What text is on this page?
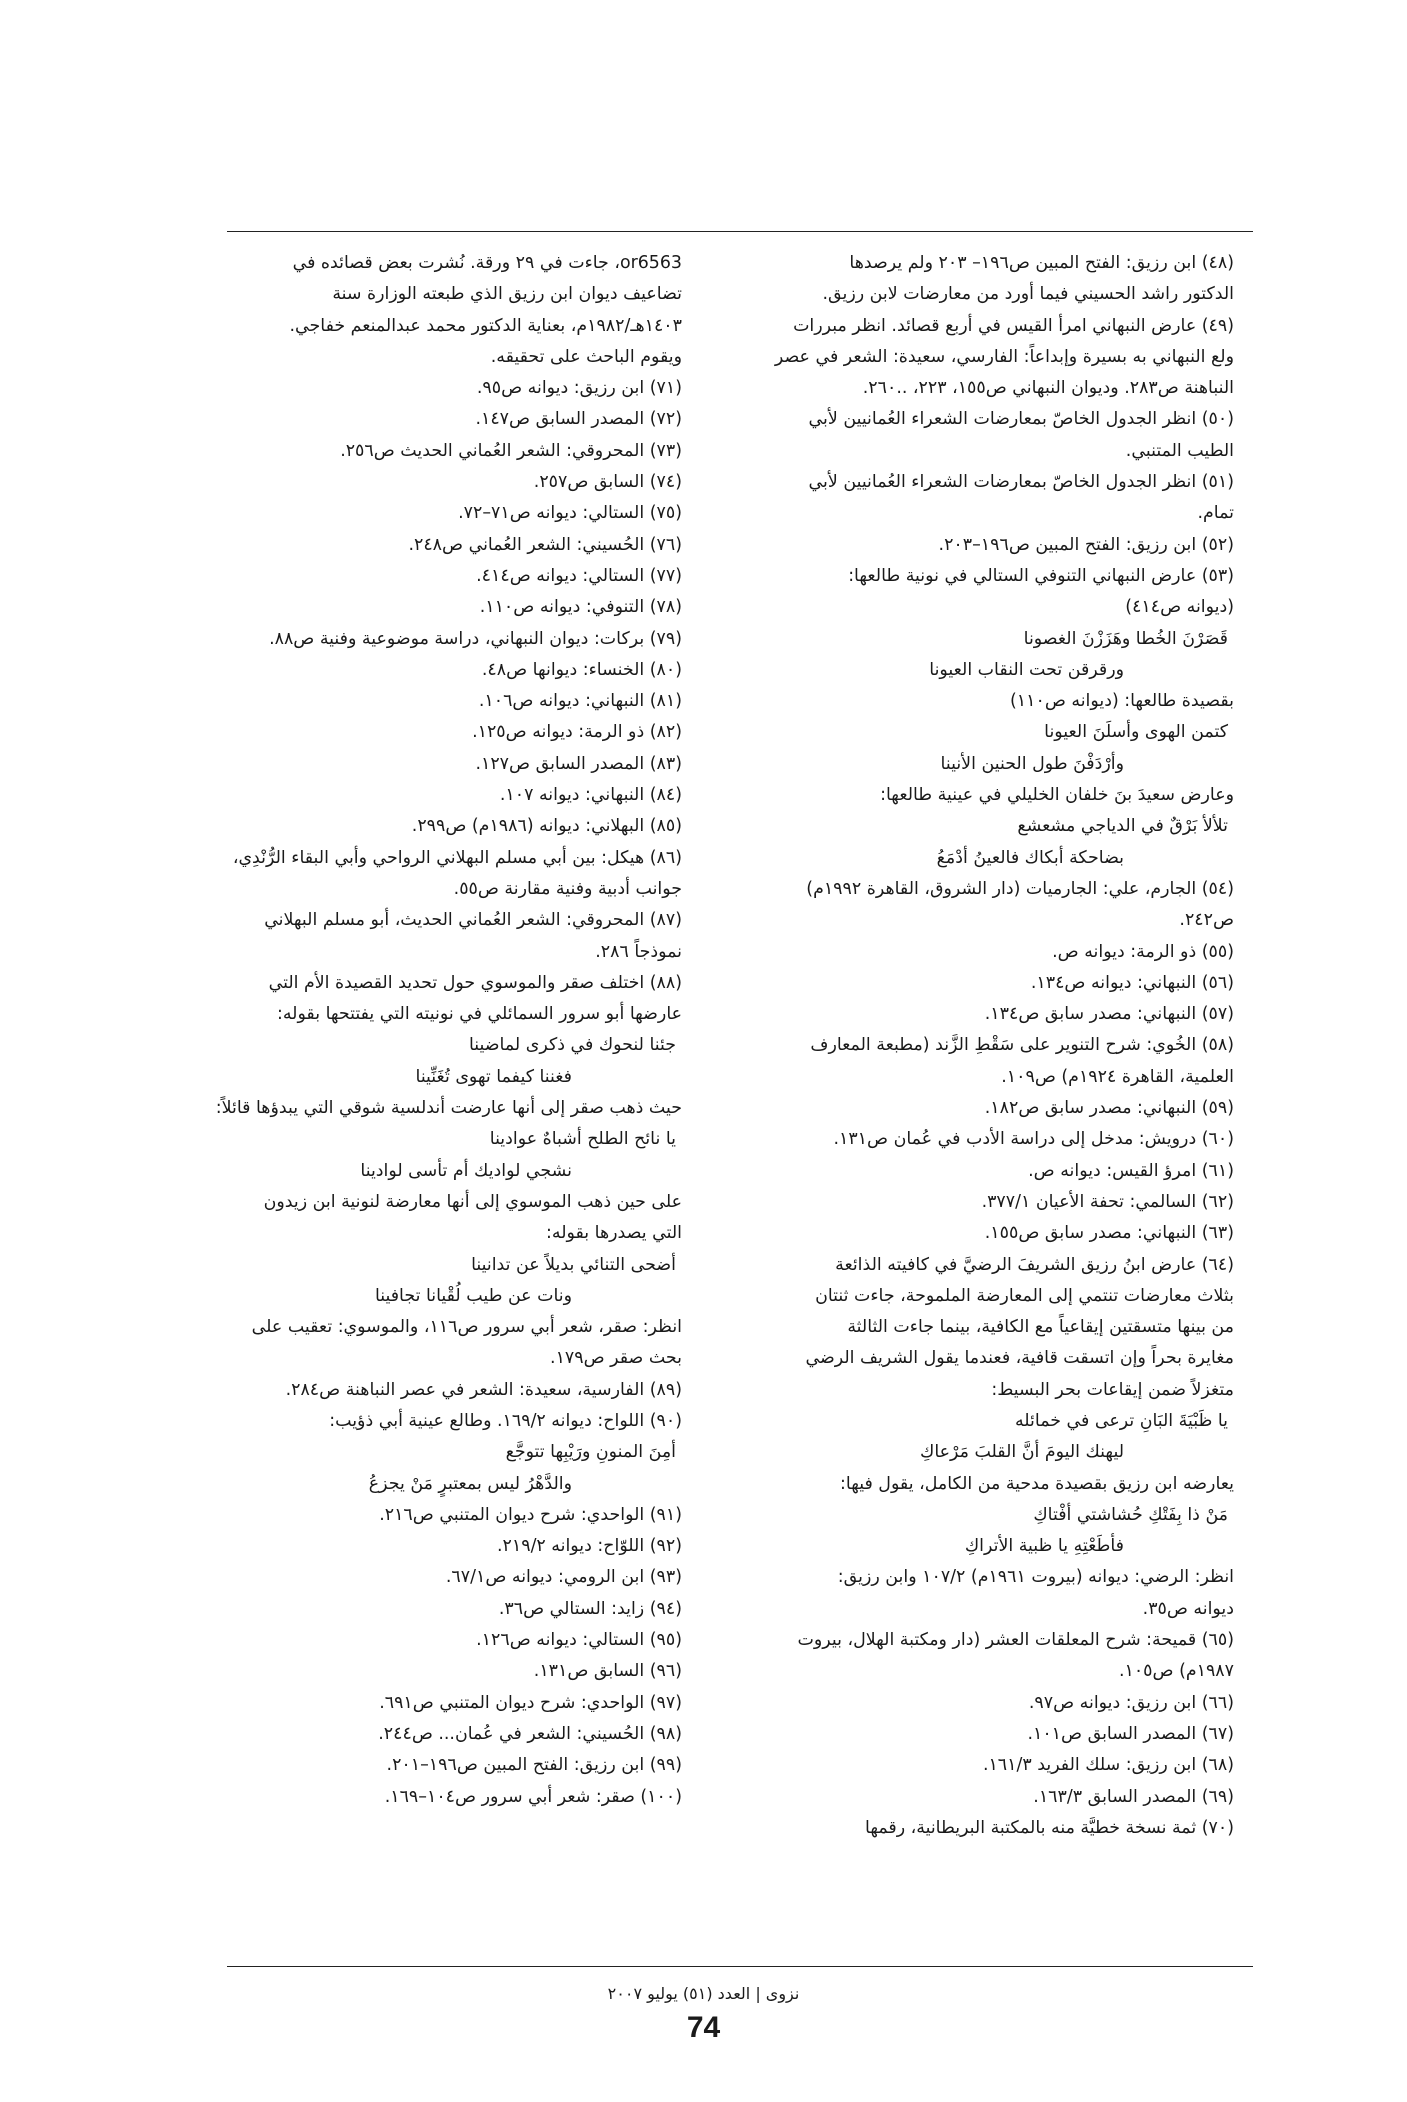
(٤٨) ابن رزيق: الفتح المبين ص١٩٦– ٢٠٣ ولم يرصدها
الدكتور راشد الحسيني فيما أورد من معارضات لابن رزيق.
(٤٩) عارض النبهاني امرأ القيس في أربع قصائد. انظر مبررات
ولع النبهاني به بسيرة وإبداعاً: الفارسي، سعيدة: الشعر في عصر
النباهنة ص٢٨٣. وديوان النبهاني ص١٥٥، ٢٢٣، ..٢٦٠.
(٥٠) انظر الجدول الخاصّ بمعارضات الشعراء العُمانيين لأبي
الطيب المتنبي.
(٥١) انظر الجدول الخاصّ بمعارضات الشعراء العُمانيين لأبي
تمام.
(٥٢) ابن رزيق: الفتح المبين ص١٩٦–٢٠٣.
(٥٣) عارض النبهاني التنوفي الستالي في نونية طالعها:
(ديوانه ص٤١٤)
قَصَرْنَ الخُطا وهَزَزْنَ الغصونا
ورقرقن تحت النقاب العيونا
بقصيدة طالعها: (ديوانه ص١١٠)
كتمن الهوى وأسلَنَ العيونا
وأرْدَفْنَ طول الحنين الأنينا
وعارض سعيدَ بنَ خلفان الخليلي في عينية طالعها:
تلألأ بَرْقٌ في الدياجي مشعشع
بضاحكة أبكاك فالعينُ أدْمَعُ
(٥٤) الجارم، علي: الجارميات (دار الشروق، القاهرة ١٩٩٢م)
ص٢٤٢.
(٥٥) ذو الرمة: ديوانه ص.
(٥٦) النبهاني: ديوانه ص١٣٤.
(٥٧) النبهاني: مصدر سابق ص١٣٤.
(٥٨) الخُوي: شرح التنوير على سَقْطِ الزَّند (مطبعة المعارف
العلمية، القاهرة ١٩٢٤م) ص١٠٩.
(٥٩) النبهاني: مصدر سابق ص١٨٢.
(٦٠) درويش: مدخل إلى دراسة الأدب في عُمان ص١٣١.
(٦١) امرؤ القيس: ديوانه ص.
(٦٢) السالمي: تحفة الأعيان ٣٧٧/١.
(٦٣) النبهاني: مصدر سابق ص١٥٥.
(٦٤) عارض ابنُ رزيق الشريفَ الرضيَّ في كافيته الذائعة
بثلاث معارضات تنتمي إلى المعارضة الملموحة، جاءت ثنتان
من بينها متسقتين إيقاعياً مع الكافية، بينما جاءت الثالثة
مغايرة بحراً وإن اتسقت قافية، فعندما يقول الشريف الرضي
متغزلاً ضمن إيقاعات بحر البسيط:
يا ظَبْيَةَ البَانِ ترعى في خمائله
ليهنك اليومَ أنَّ القلبَ مَرْعاكِ
يعارضه ابن رزيق بقصيدة مدحية من الكامل، يقول فيها:
مَنْ ذا بِفَتْكِ حُشاشتي أفْتاكِ
فأطَعْتِهِ يا ظبية الأتراكِ
انظر: الرضي: ديوانه (بيروت ١٩٦١م) ١٠٧/٢ وابن رزيق:
ديوانه ص٣٥.
(٦٥) قميحة: شرح المعلقات العشر (دار ومكتبة الهلال، بيروت
١٩٨٧م) ص١٠٥.
(٦٦) ابن رزيق: ديوانه ص٩٧.
(٦٧) المصدر السابق ص١٠١.
(٦٨) ابن رزيق: سلك الفريد ١٦١/٣.
(٦٩) المصدر السابق ١٦٣/٣.
(٧٠) ثمة نسخة خطيَّة منه بالمكتبة البريطانية، رقمها
or6563، جاءت في ٢٩ ورقة. نُشرت بعض قصائده في
تضاعيف ديوان ابن رزيق الذي طبعته الوزارة سنة
١٤٠٣هـ/١٩٨٢م، بعناية الدكتور محمد عبدالمنعم خفاجي.
ويقوم الباحث على تحقيقه.
(٧١) ابن رزيق: ديوانه ص٩٥.
(٧٢) المصدر السابق ص١٤٧.
(٧٣) المحروقي: الشعر العُماني الحديث ص٢٥٦.
(٧٤) السابق ص٢٥٧.
(٧٥) الستالي: ديوانه ص٧١–٧٢.
(٧٦) الحُسيني: الشعر العُماني ص٢٤٨.
(٧٧) الستالي: ديوانه ص٤١٤.
(٧٨) التنوفي: ديوانه ص١١٠.
(٧٩) بركات: ديوان النبهاني، دراسة موضوعية وفنية ص٨٨.
(٨٠) الخنساء: ديوانها ص٤٨.
(٨١) النبهاني: ديوانه ص١٠٦.
(٨٢) ذو الرمة: ديوانه ص١٢٥.
(٨٣) المصدر السابق ص١٢٧.
(٨٤) النبهاني: ديوانه ١٠٧.
(٨٥) البهلاني: ديوانه (١٩٨٦م) ص٢٩٩.
(٨٦) هيكل: بين أبي مسلم البهلاني الرواحي وأبي البقاء الرُّنْدِي،
جوانب أدبية وفنية مقارنة ص٥٥.
(٨٧) المحروقي: الشعر العُماني الحديث، أبو مسلم البهلاني
نموذجاً ٢٨٦.
(٨٨) اختلف صقر والموسوي حول تحديد القصيدة الأم التي
عارضها أبو سرور السمائلي في نونيته التي يفتتحها بقوله:
جئنا لنحوك في ذكرى لماضينا
فغننا كيفما تهوى تُغَنِّينا
حيث ذهب صقر إلى أنها عارضت أندلسية شوقي التي يبدؤها قائلاً:
يا نائح الطلح أشباهٌ عوادينا
نشجي لواديك أم تأسى لوادينا
على حين ذهب الموسوي إلى أنها معارضة لنونية ابن زيدون
التي يصدرها بقوله:
أضحى التنائي بديلاً عن تدانينا
ونات عن طيب لُقْيانا تجافينا
انظر: صقر، شعر أبي سرور ص١١٦، والموسوي: تعقيب على
بحث صقر ص١٧٩.
(٨٩) الفارسية، سعيدة: الشعر في عصر النباهنة ص٢٨٤.
(٩٠) اللواح: ديوانه ١٦٩/٢. وطالع عينية أبي ذؤيب:
أمِنَ المنونِ ورَيْبِها تتوجَّع
والدَّهْرُ ليس بمعتبرٍ مَنْ يجزعُ
(٩١) الواحدي: شرح ديوان المتنبي ص٢١٦.
(٩٢) اللوّاح: ديوانه ٢١٩/٢.
(٩٣) ابن الرومي: ديوانه ص٦٧/١.
(٩٤) زايد: الستالي ص٣٦.
(٩٥) الستالي: ديوانه ص١٢٦.
(٩٦) السابق ص١٣١.
(٩٧) الواحدي: شرح ديوان المتنبي ص٦٩١.
(٩٨) الحُسيني: الشعر في عُمان... ص٢٤٤.
(٩٩) ابن رزيق: الفتح المبين ص١٩٦–٢٠١.
(١٠٠) صقر: شعر أبي سرور ص١٠٤–١٦٩.
نزوى | العدد (٥١) يوليو ٢٠٠٧
74
